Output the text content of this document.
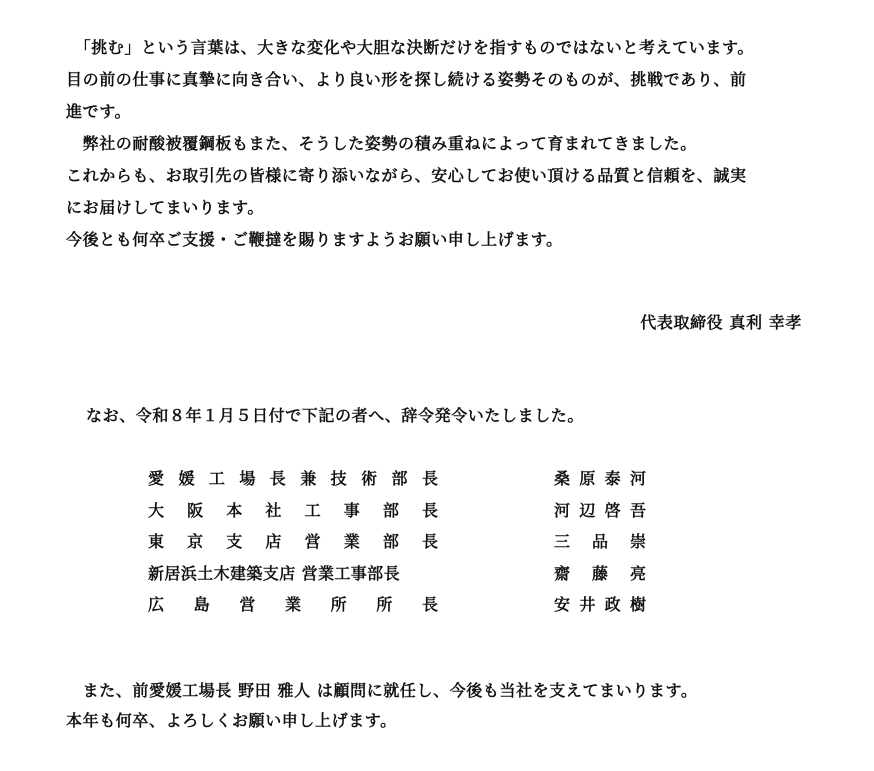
　「挑む」という言葉は、大きな変化や大胆な決断だけを指すものではないと考えています。
目の前の仕事に真摯に向き合い、より良い形を探し続ける姿勢そのものが、挑戦であり、前
進です。
　弊社の耐酸被覆鋼板もまた、そうした姿勢の積み重ねによって育まれてきました。
これからも、お取引先の皆様に寄り添いながら、安心してお使い頂ける品質と信頼を、誠実
にお届けしてまいります。
今後とも何卒ご支援・ご鞭撻を賜りますようお願い申し上げます。
代表取締役 真利 幸孝
なお、令和８年１月５日付で下記の者へ、辞令発令いたしました。
愛 媛 工 場 長 兼 技 術 部 長	桑 原 泰 河
大 阪 本 社 工 事 部 長	河 辺 啓 吾
東 京 支 店 営 業 部 長	三 品 崇
新居浜土木建築支店 営業工事部長	齋 藤 亮
広 島 営 業 所 所 長	安 井 政 樹
　また、前愛媛工場長 野田 雅人 は顧問に就任し、今後も当社を支えてまいります。
本年も何卒、よろしくお願い申し上げます。
